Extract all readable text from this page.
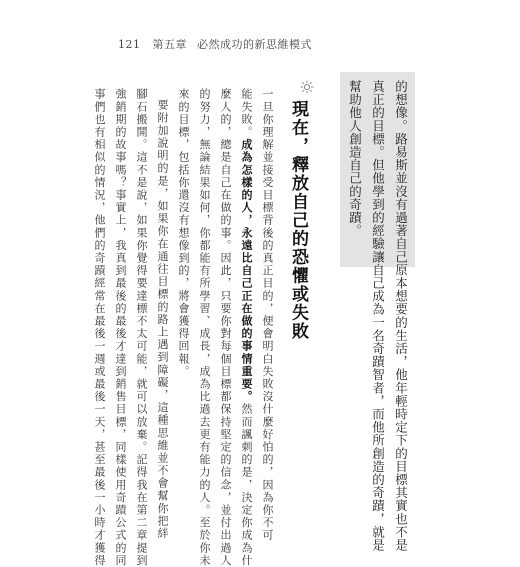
121 第五章 必然成功的新思維模式
的想像。路易斯並沒有過著自己原本想要的生活，他年輕時定下的目標其實也不是
真正的目標。但他學到的經驗讓自己成為一名奇蹟智者，而他所創造的奇蹟，就是
幫助他人創造自己的奇蹟。
現在，釋放自己的恐懼或失敗
一旦你理解並接受目標背後的真正目的，便會明白失敗沒什麼好怕的，因為你不可
能失敗。成為怎樣的人，永遠比自己正在做的事情重要。然而諷刺的是，決定你成為什
麼人的，總是自己在做的事。因此，只要你對每個目標都保持堅定的信念，並付出過人
的努力，無論結果如何，你都能有所學習、成長，成為比過去更有能力的人。至於你未
來的目標，包括你還沒有想像到的，將會獲得回報。
要附加說明的是，如果你在通往目標的路上遇到障礙，這種思維並不會幫你把絆
腳石搬開。這不是說，如果你覺得要達標不太可能，就可以放棄。記得我在第二章提到
強銷期的故事嗎？事實上，我真到最後的最後才達到銷售目標，同樣使用奇蹟公式的同
事們也有相似的情況，他們的奇蹟經常在最後一週或最後一天，甚至最後一小時才獲得
